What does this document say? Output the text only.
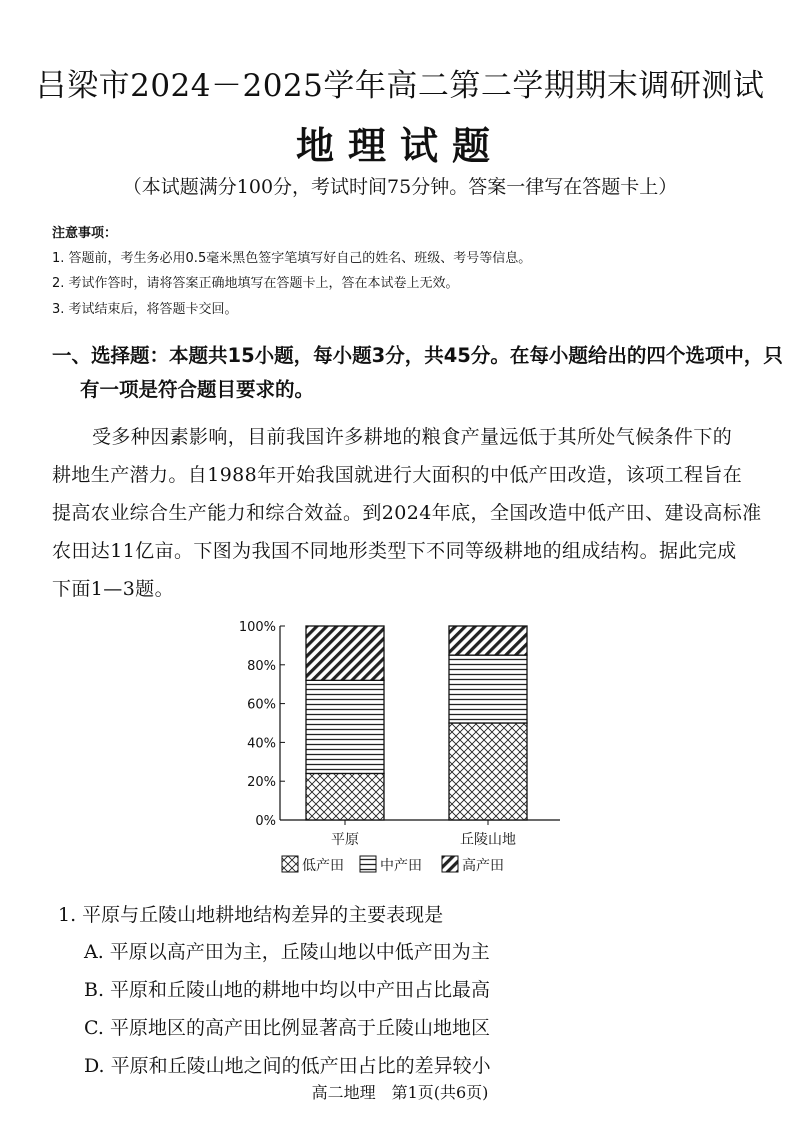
吕梁市2024－2025学年高二第二学期期末调研测试
地理试题
（本试题满分100分，考试时间75分钟。答案一律写在答题卡上）
注意事项：
1. 答题前，考生务必用0.5毫米黑色签字笔填写好自己的姓名、班级、考号等信息。
2. 考试作答时，请将答案正确地填写在答题卡上，答在本试卷上无效。
3. 考试结束后，将答题卡交回。
一、选择题：本题共15小题，每小题3分，共45分。在每小题给出的四个选项中，只
有一项是符合题目要求的。
受多种因素影响，目前我国许多耕地的粮食产量远低于其所处气候条件下的
耕地生产潜力。自1988年开始我国就进行大面积的中低产田改造，该项工程旨在
提高农业综合生产能力和综合效益。到2024年底，全国改造中低产田、建设高标准
农田达11亿亩。下图为我国不同地形类型下不同等级耕地的组成结构。据此完成
下面1—3题。
0%
20%
40%
60%
80%
100%
平原	丘陵山地
低产田	中产田	高产田
1. 平原与丘陵山地耕地结构差异的主要表现是
A. 平原以高产田为主，丘陵山地以中低产田为主
B. 平原和丘陵山地的耕地中均以中产田占比最高
C. 平原地区的高产田比例显著高于丘陵山地地区
D. 平原和丘陵山地之间的低产田占比的差异较小
高二地理　第1页(共6页)
